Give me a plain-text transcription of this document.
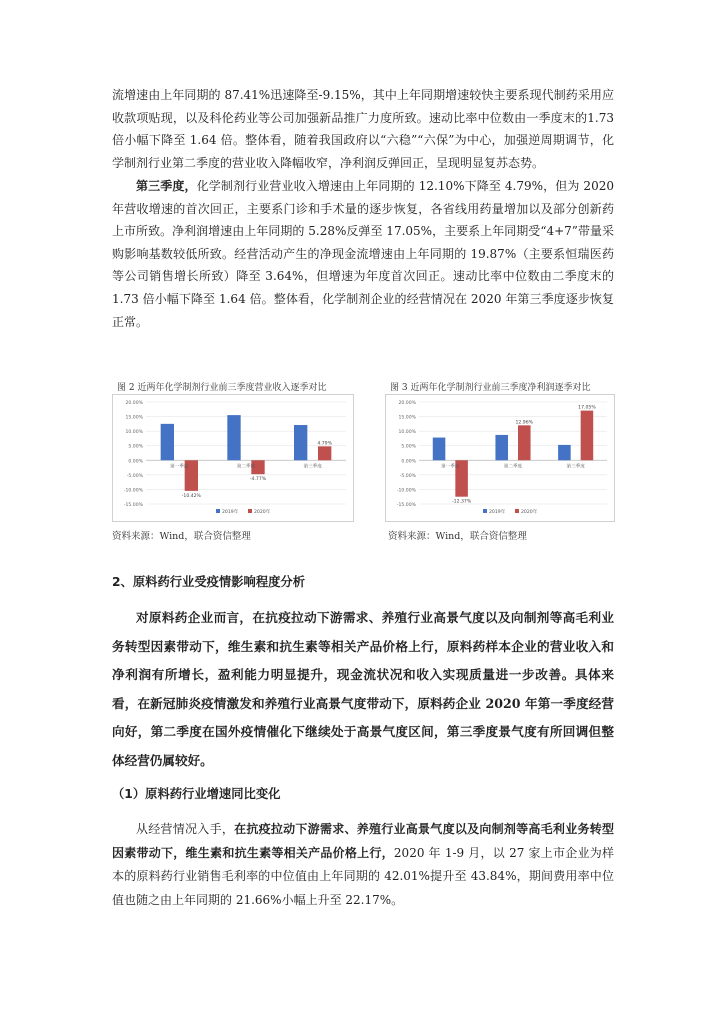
流增速由上年同期的 87.41%迅速降至-9.15%，其中上年同期增速较快主要系现代制药采用应收款项贴现，以及科伦药业等公司加强新品推广力度所致。速动比率中位数由一季度末的1.73 倍小幅下降至 1.64 倍。整体看，随着我国政府以“六稳”“六保”为中心，加强逆周期调节，化学制剂行业第二季度的营业收入降幅收窄，净利润反弹回正，呈现明显复苏态势。

第三季度，化学制剂行业营业收入增速由上年同期的 12.10%下降至 4.79%，但为 2020 年营收增速的首次回正，主要系门诊和手术量的逐步恢复，各省线用药量增加以及部分创新药上市所致。净利润增速由上年同期的 5.28%反弹至 17.05%，主要系上年同期受“4+7”带量采购影响基数较低所致。经营活动产生的净现金流增速由上年同期的 19.87%（主要系恒瑞医药等公司销售增长所致）降至 3.64%，但增速为年度首次回正。速动比率中位数由二季度末的1.73 倍小幅下降至 1.64 倍。整体看，化学制剂企业的经营情况在 2020 年第三季度逐步恢复正常。

图 2 近两年化学制剂行业前三季度营业收入逐季对比	图 3 近两年化学制剂行业前三季度净利润逐季对比

20.00%
15.00%
10.00%
5.00%
0.00%
-5.00%
-10.00%
-15.00%
-10.42%
第一季度
-4.77%
第二季度
4.79%
第三季度
2019年	2020年
20.00%
15.00%
10.00%
5.00%
0.00%
-5.00%
-10.00%
-15.00%
-12.37%
第一季度
12.96%
第二季度
17.05%
第三季度
2019年	2020年

资料来源：Wind，联合资信整理	资料来源：Wind，联合资信整理

2、原料药行业受疫情影响程度分析

对原料药企业而言，在抗疫拉动下游需求、养殖行业高景气度以及向制剂等高毛利业务转型因素带动下，维生素和抗生素等相关产品价格上行，原料药样本企业的营业收入和净利润有所增长，盈利能力明显提升，现金流状况和收入实现质量进一步改善。具体来看，在新冠肺炎疫情激发和养殖行业高景气度带动下，原料药企业 2020 年第一季度经营向好，第二季度在国外疫情催化下继续处于高景气度区间，第三季度景气度有所回调但整体经营仍属较好。

（1）原料药行业增速同比变化

从经营情况入手，在抗疫拉动下游需求、养殖行业高景气度以及向制剂等高毛利业务转型因素带动下，维生素和抗生素等相关产品价格上行，2020 年 1-9 月，以 27 家上市企业为样本的原料药行业销售毛利率的中位值由上年同期的 42.01%提升至 43.84%，期间费用率中位值也随之由上年同期的 21.66%小幅上升至 22.17%。
